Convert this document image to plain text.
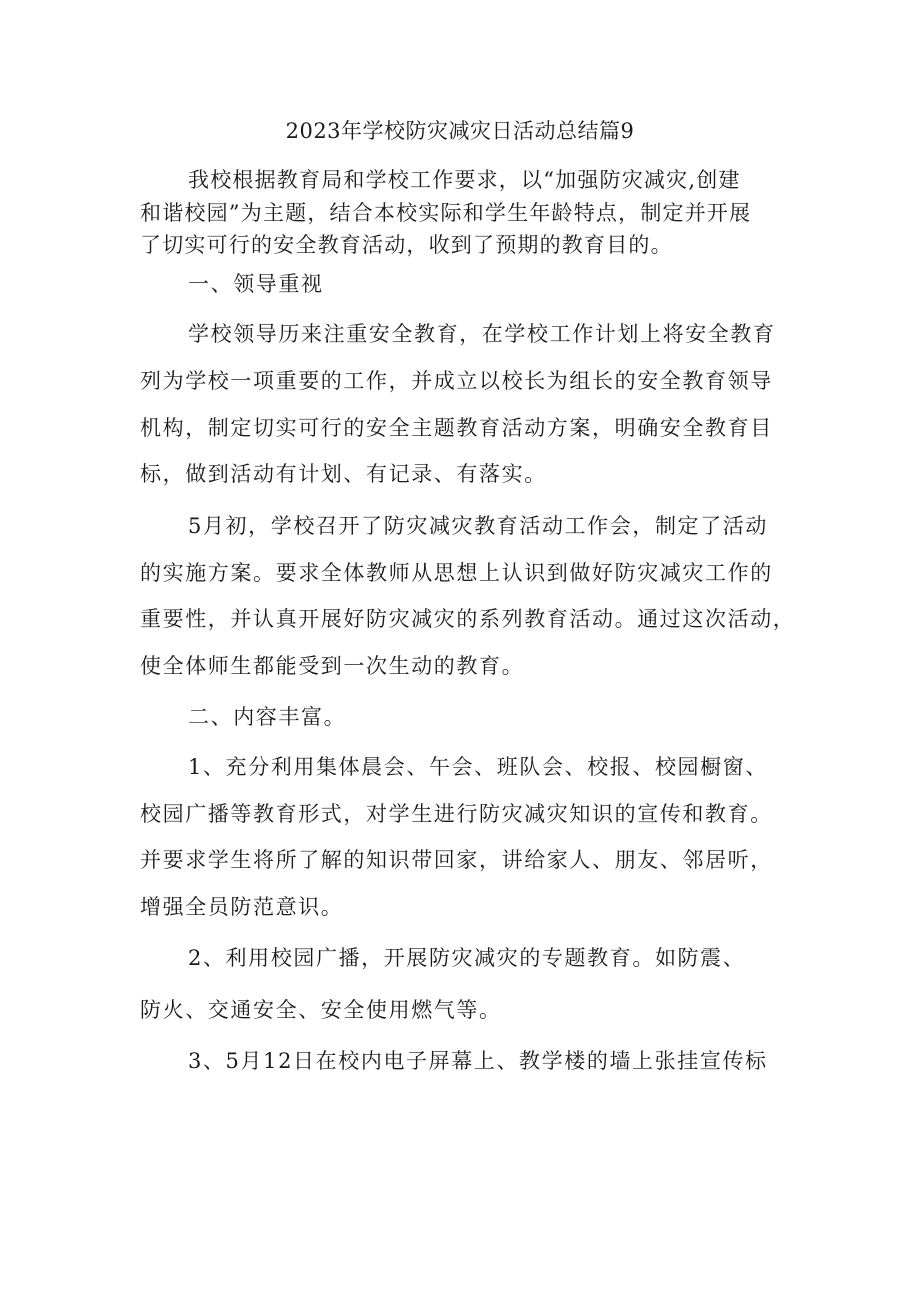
2023年学校防灾减灾日活动总结篇9
我校根据教育局和学校工作要求，以“加强防灾减灾,创建
和谐校园”为主题，结合本校实际和学生年龄特点，制定并开展
了切实可行的安全教育活动，收到了预期的教育目的。
一、领导重视
学校领导历来注重安全教育，在学校工作计划上将安全教育
列为学校一项重要的工作，并成立以校长为组长的安全教育领导
机构，制定切实可行的安全主题教育活动方案，明确安全教育目
标，做到活动有计划、有记录、有落实。
5月初，学校召开了防灾减灾教育活动工作会，制定了活动
的实施方案。要求全体教师从思想上认识到做好防灾减灾工作的
重要性，并认真开展好防灾减灾的系列教育活动。通过这次活动，
使全体师生都能受到一次生动的教育。
二、内容丰富。
1、充分利用集体晨会、午会、班队会、校报、校园橱窗、
校园广播等教育形式，对学生进行防灾减灾知识的宣传和教育。
并要求学生将所了解的知识带回家，讲给家人、朋友、邻居听，
增强全员防范意识。
2、利用校园广播，开展防灾减灾的专题教育。如防震、
防火、交通安全、安全使用燃气等。
3、5月12日在校内电子屏幕上、教学楼的墙上张挂宣传标
